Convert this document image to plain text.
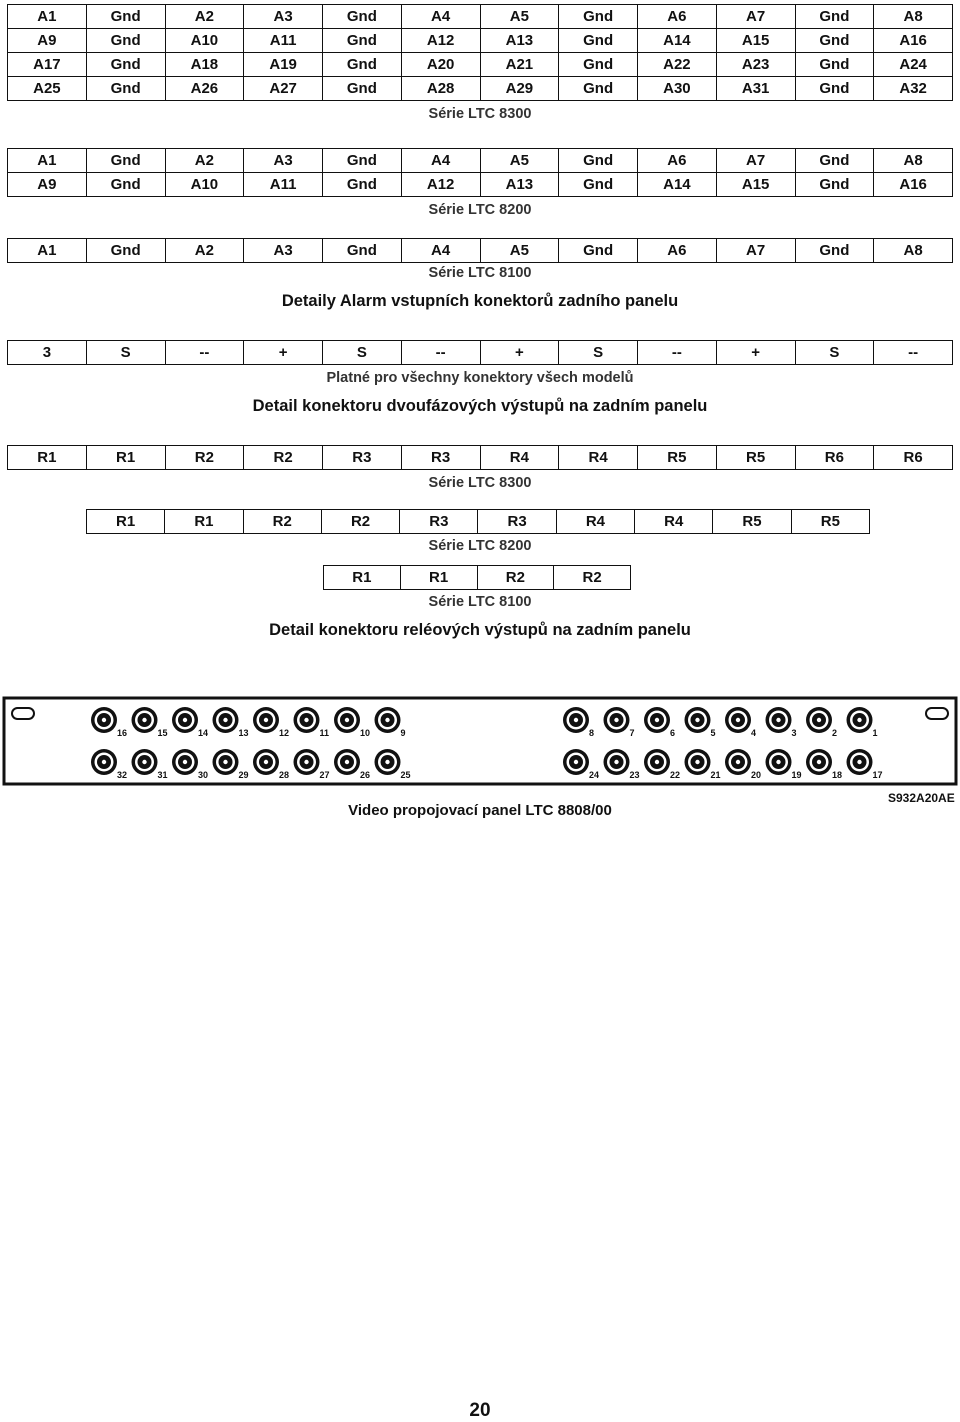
A1	Gnd	A2	A3	Gnd	A4	A5	Gnd	A6	A7	Gnd	A8
A9	Gnd	A10	A11	Gnd	A12	A13	Gnd	A14	A15	Gnd	A16
A17	Gnd	A18	A19	Gnd	A20	A21	Gnd	A22	A23	Gnd	A24
A25	Gnd	A26	A27	Gnd	A28	A29	Gnd	A30	A31	Gnd	A32
Série LTC 8300
A1	Gnd	A2	A3	Gnd	A4	A5	Gnd	A6	A7	Gnd	A8
A9	Gnd	A10	A11	Gnd	A12	A13	Gnd	A14	A15	Gnd	A16
Série LTC 8200
A1	Gnd	A2	A3	Gnd	A4	A5	Gnd	A6	A7	Gnd	A8
Série LTC 8100
Detaily Alarm vstupních konektorů zadního panelu
3	S	--	+	S	--	+	S	--	+	S	--
Platné pro všechny konektory všech modelů
Detail konektoru dvoufázových výstupů na zadním panelu
R1	R1	R2	R2	R3	R3	R4	R4	R5	R5	R6	R6
Série LTC 8300
R1	R1	R2	R2	R3	R3	R4	R4	R5	R5
Série LTC 8200
R1	R1	R2	R2
Série LTC 8100
Detail konektoru reléových výstupů na zadním panelu
16	15	14	13	12	11	10	9
32	31	30	29	28	27	26	25
8	7	6	5	4	3	2	1
24	23	22	21	20	19	18	17
Video propojovací panel LTC 8808/00
S932A20AE
20
